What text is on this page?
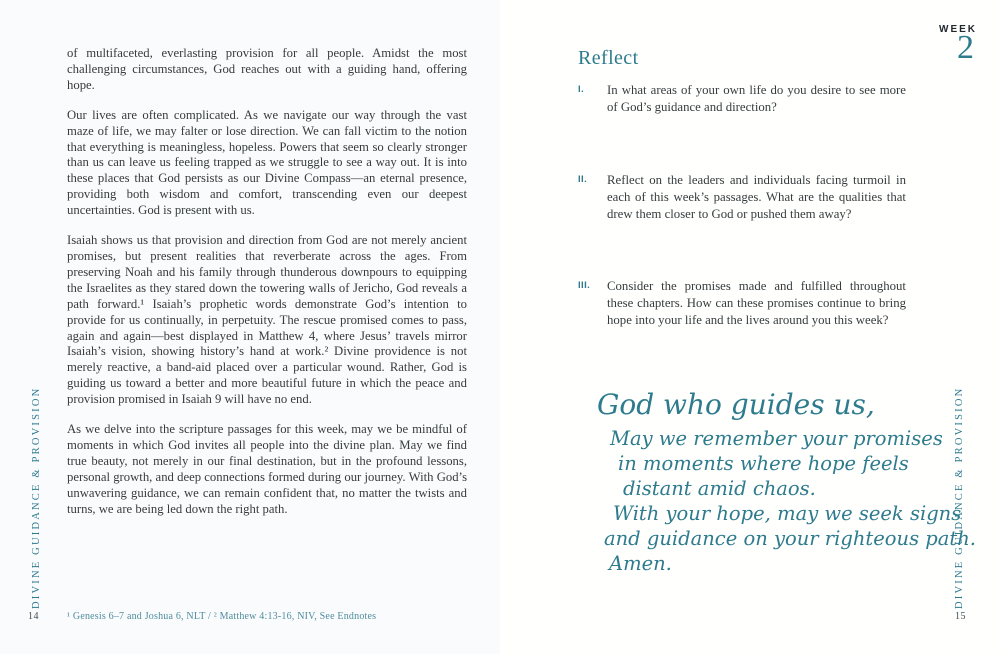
of multifaceted, everlasting provision for all people. Amidst the most challenging circumstances, God reaches out with a guiding hand, offering hope.

Our lives are often complicated. As we navigate our way through the vast maze of life, we may falter or lose direction. We can fall victim to the notion that everything is meaningless, hopeless. Powers that seem so clearly stronger than us can leave us feeling trapped as we struggle to see a way out. It is into these places that God persists as our Divine Compass—an eternal presence, providing both wisdom and comfort, transcending even our deepest uncertainties. God is present with us.

Isaiah shows us that provision and direction from God are not merely ancient promises, but present realities that reverberate across the ages. From preserving Noah and his family through thunderous downpours to equipping the Israelites as they stared down the towering walls of Jericho, God reveals a path forward.¹ Isaiah’s prophetic words demonstrate God’s intention to provide for us continually, in perpetuity. The rescue promised comes to pass, again and again—best displayed in Matthew 4, where Jesus’ travels mirror Isaiah’s vision, showing history’s hand at work.² Divine providence is not merely reactive, a band-aid placed over a particular wound. Rather, God is guiding us toward a better and more beautiful future in which the peace and provision promised in Isaiah 9 will have no end.

As we delve into the scripture passages for this week, may we be mindful of moments in which God invites all people into the divine plan. May we find true beauty, not merely in our final destination, but in the profound lessons, personal growth, and deep connections formed during our journey. With God’s unwavering guidance, we can remain confident that, no matter the twists and turns, we are being led down the right path.

DIVINE GUIDANCE & PROVISION
14	¹ Genesis 6–7 and Joshua 6, NLT / ² Matthew 4:13-16, NIV, See Endnotes
WEEK
2
Reflect
I. In what areas of your own life do you desire to see more of God’s guidance and direction?
II. Reflect on the leaders and individuals facing turmoil in each of this week’s passages. What are the qualities that drew them closer to God or pushed them away?
III. Consider the promises made and fulfilled throughout these chapters. How can these promises continue to bring hope into your life and the lives around you this week?
God who guides us,
May we remember your promises
in moments where hope feels
distant amid chaos.
With your hope, may we seek signs
and guidance on your righteous path.
Amen.	DIVINE GUIDANCE & PROVISION
15
